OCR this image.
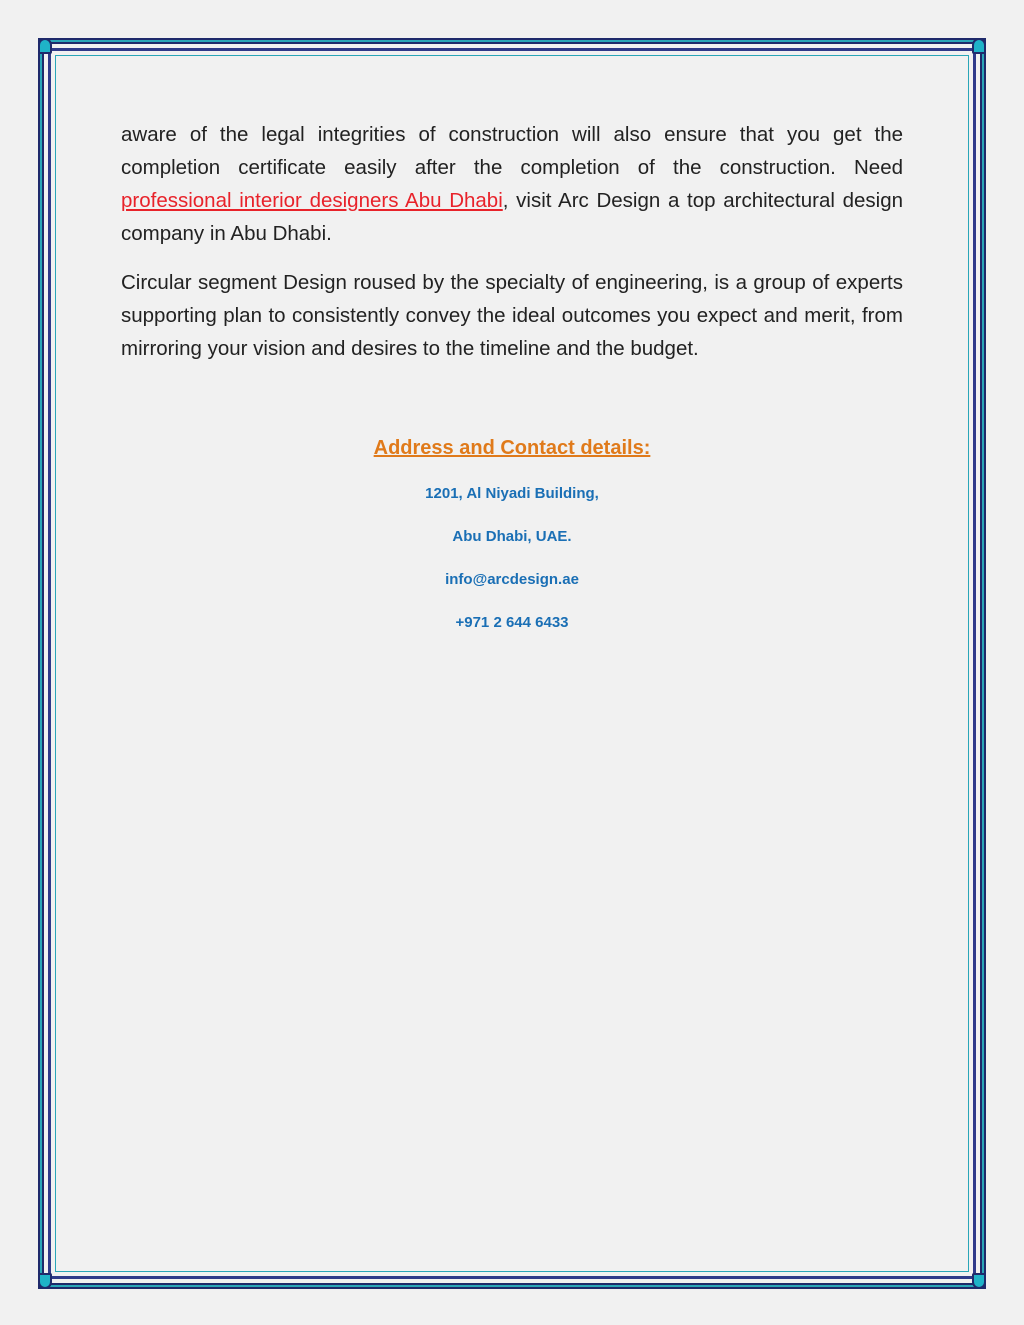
aware of the legal integrities of construction will also ensure that you get the completion certificate easily after the completion of the construction. Need professional interior designers Abu Dhabi, visit Arc Design a top architectural design company in Abu Dhabi.

Circular segment Design roused by the specialty of engineering, is a group of experts supporting plan to consistently convey the ideal outcomes you expect and merit, from mirroring your vision and desires to the timeline and the budget.

Address and Contact details:

1201, Al Niyadi Building,

Abu Dhabi, UAE.

info@arcdesign.ae

+971 2 644 6433
